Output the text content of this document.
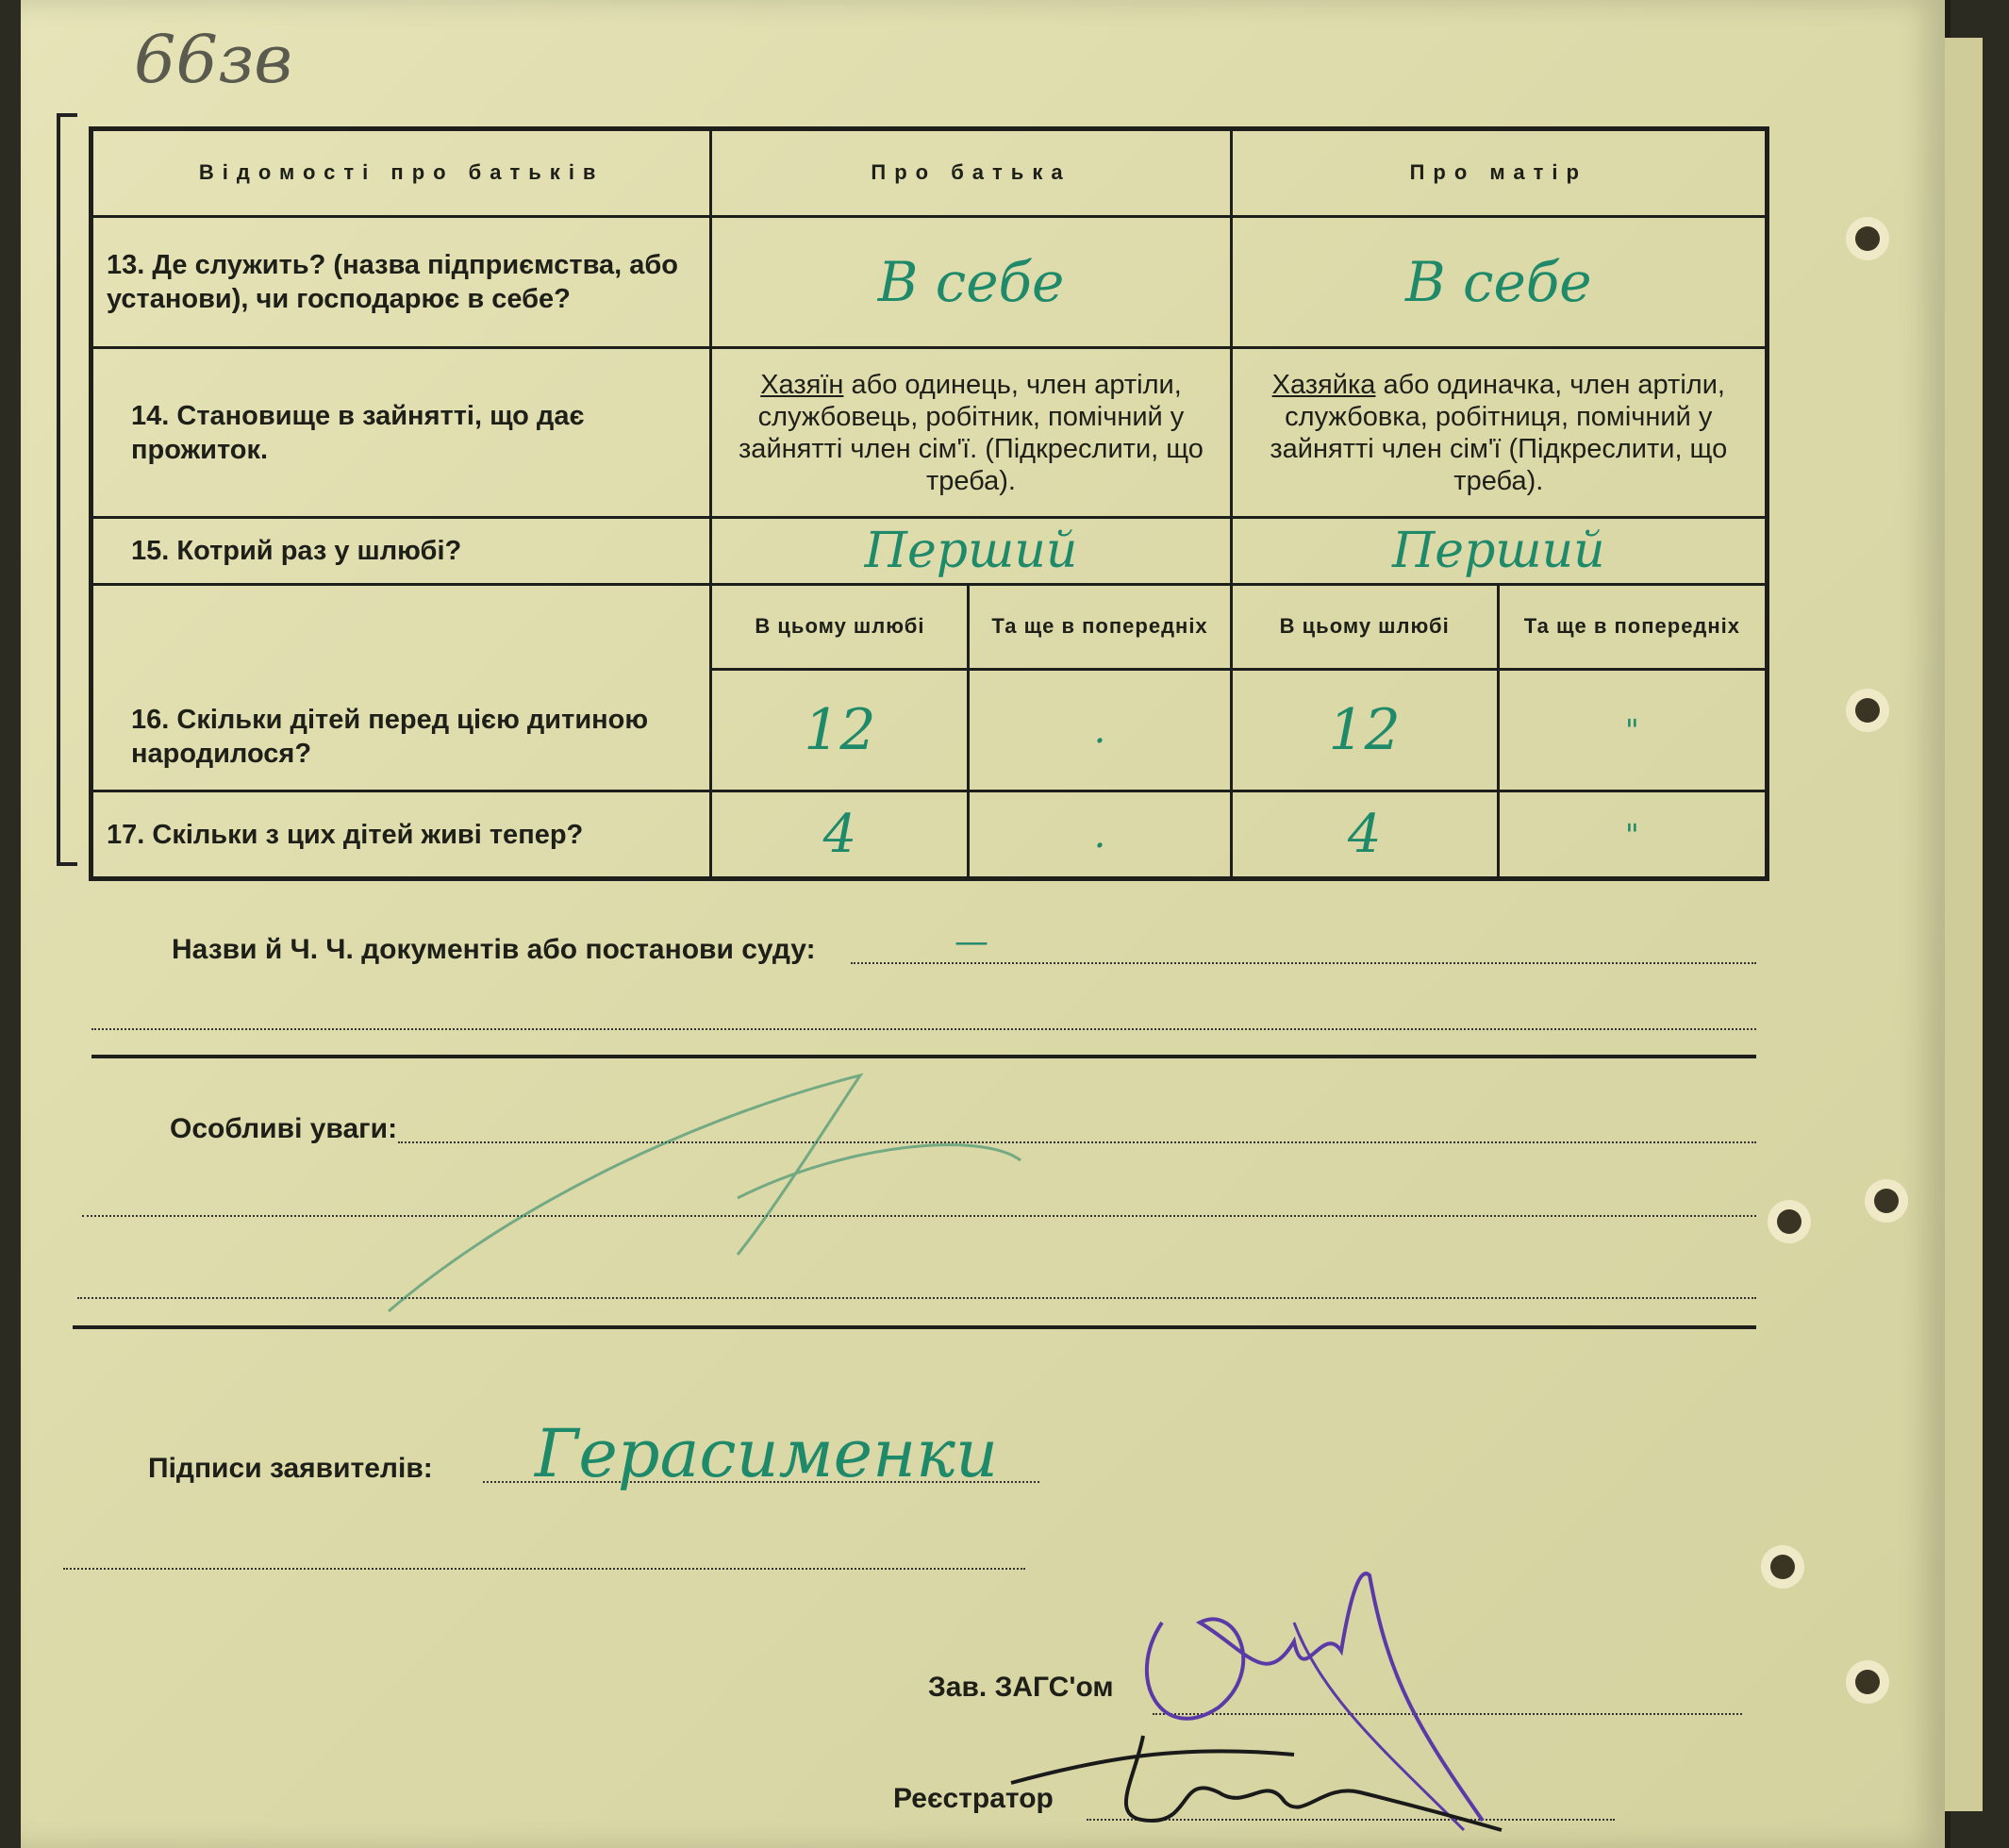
66зв
Відомості про батьків	Про батька		Про матір	
13. Де служить? (назва підприємства, або установи), чи господарює в себе?	В себе		В себе	
14. Становище в зайнятті, що дає прожиток.	Хазяїн або одинець, член артіли, службовець, робітник, помічний у зайнятті член сім'ї. (Підкреслити, що треба).		Хазяйка або одиначка, член артіли, службовка, робітниця, помічний у зайнятті член сім'ї (Підкреслити, що треба).	
15. Котрий раз у шлюбі?	Перший		Перший	
16. Скільки дітей перед цією дитиною народилося?	В цьому шлюбі	Та ще в попередніх	В цьому шлюбі	Та ще в попередніх
	12	.	12	"
17. Скільки з цих дітей живі тепер?	4	.	4	"
Назви й Ч. Ч. документів або постанови суду:	—
Особливі уваги:
Підписи заявителів: Герасименки
Зав. ЗАГС'ом
Реєстратор
